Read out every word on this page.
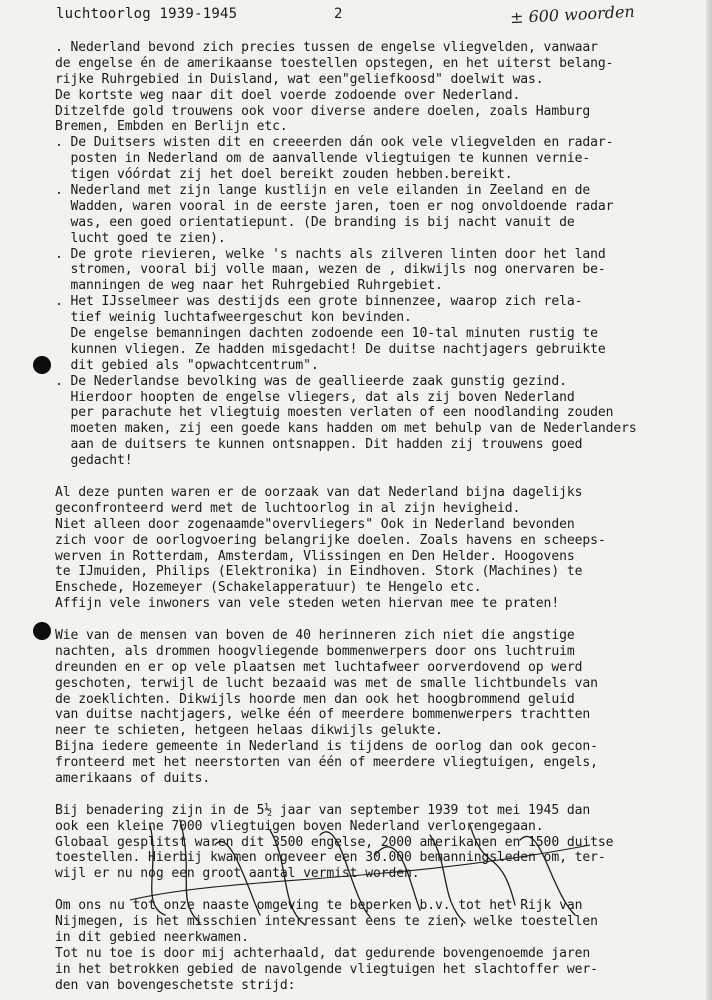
luchtoorlog 1939-1945	2	± 600 woorden
. Nederland bevond zich precies tussen de engelse vliegvelden, vanwaar
de engelse én de amerikaanse toestellen opstegen, en het uiterst belang-
rijke Ruhrgebied in Duisland, wat een"geliefkoosd" doelwit was.
De kortste weg naar dit doel voerde zodoende over Nederland.
Ditzelfde gold trouwens ook voor diverse andere doelen, zoals Hamburg
Bremen, Embden en Berlijn etc.
. De Duitsers wisten dit en creeerden dán ook vele vliegvelden en radar-
posten in Nederland om de aanvallende vliegtuigen te kunnen vernie-
tigen vóórdat zij het doel bereikt zouden hebben.bereikt.
. Nederland met zijn lange kustlijn en vele eilanden in Zeeland en de
Wadden, waren vooral in de eerste jaren, toen er nog onvoldoende radar
was, een goed orientatiepunt. (De branding is bij nacht vanuit de
lucht goed te zien).
. De grote rievieren, welke 's nachts als zilveren linten door het land
stromen, vooral bij volle maan, wezen de , dikwijls nog onervaren be-
manningen de weg naar het Ruhrgebied Ruhrgebiet.
. Het IJsselmeer was destijds een grote binnenzee, waarop zich rela-
tief weinig luchtafweergeschut kon bevinden.
De engelse bemanningen dachten zodoende een 10-tal minuten rustig te
kunnen vliegen. Ze hadden misgedacht! De duitse nachtjagers gebruikte
dit gebied als "opwachtcentrum".
. De Nederlandse bevolking was de geallieerde zaak gunstig gezind.
Hierdoor hoopten de engelse vliegers, dat als zij boven Nederland
per parachute het vliegtuig moesten verlaten of een noodlanding zouden
moeten maken, zij een goede kans hadden om met behulp van de Nederlanders
aan de duitsers te kunnen ontsnappen. Dit hadden zij trouwens goed
gedacht!
Al deze punten waren er de oorzaak van dat Nederland bijna dagelijks
geconfronteerd werd met de luchtoorlog in al zijn hevigheid.
Niet alleen door zogenaamde"overvliegers" Ook in Nederland bevonden
zich voor de oorlogvoering belangrijke doelen. Zoals havens en scheeps-
werven in Rotterdam, Amsterdam, Vlissingen en Den Helder. Hoogovens
te IJmuiden, Philips (Elektronika) in Eindhoven. Stork (Machines) te
Enschede, Hozemeyer (Schakelapperatuur) te Hengelo etc.
Affijn vele inwoners van vele steden weten hiervan mee te praten!
Wie van de mensen van boven de 40 herinneren zich niet die angstige
nachten, als drommen hoogvliegende bommenwerpers door ons luchtruim
dreunden en er op vele plaatsen met luchtafweer oorverdovend op werd
geschoten, terwijl de lucht bezaaid was met de smalle lichtbundels van
de zoeklichten. Dikwijls hoorde men dan ook het hoogbrommend geluid
van duitse nachtjagers, welke één of meerdere bommenwerpers trachtten
neer te schieten, hetgeen helaas dikwijls gelukte.
Bijna iedere gemeente in Nederland is tijdens de oorlog dan ook gecon-
fronteerd met het neerstorten van één of meerdere vliegtuigen, engels,
amerikaans of duits.
Bij benadering zijn in de 5½ jaar van september 1939 tot mei 1945 dan
ook een kleine 7000 vliegtuigen boven Nederland verlorengegaan.
Globaal gesplitst waren dit 3500 engelse, 2000 amerikanen en 1500 duitse
toestellen. Hierbij kwamen ongeveer een 30.000 bemanningsleden om, ter-
wijl er nu nog een groot aantal vermist worden.
Om ons nu tot onze naaste omgeving te beperken b.v. tot het Rijk van
Nijmegen, is het misschien interressant eens te zien, welke toestellen
in dit gebied neerkwamen.
Tot nu toe is door mij achterhaald, dat gedurende bovengenoemde jaren
in het betrokken gebied de navolgende vliegtuigen het slachtoffer wer-
den van bovengeschetste strijd:
